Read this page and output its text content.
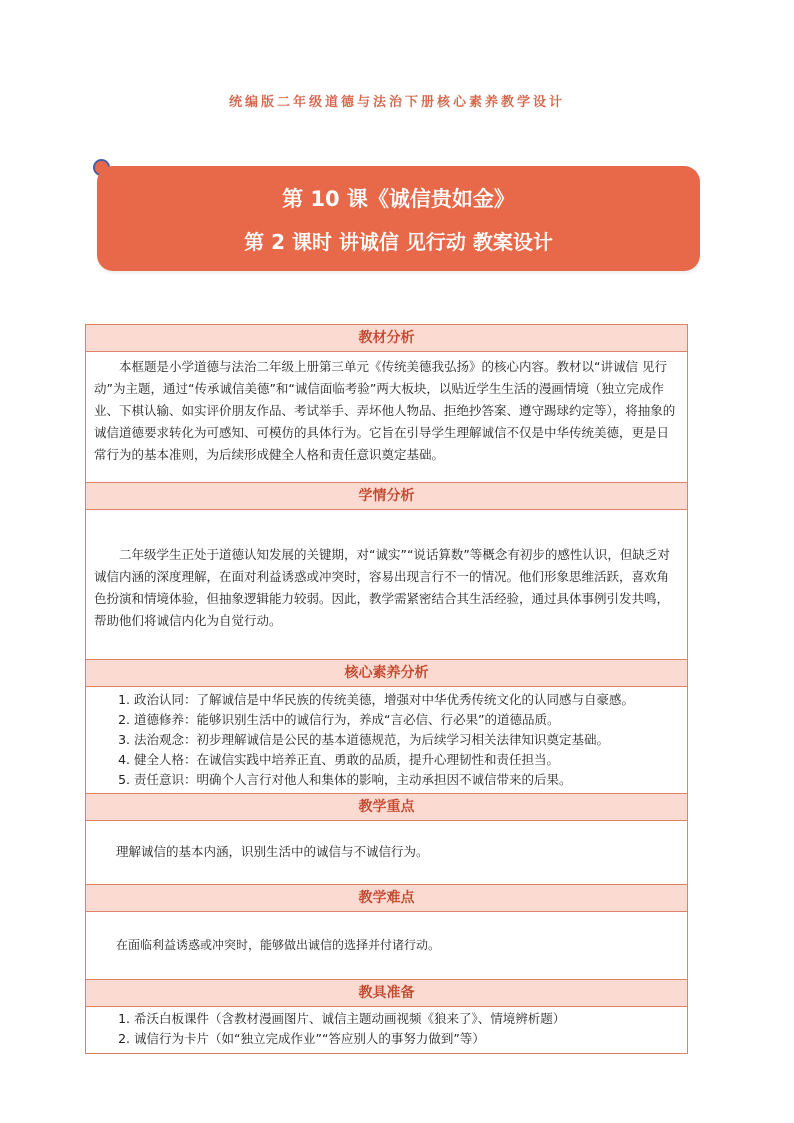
统编版二年级道德与法治下册核心素养教学设计
第 10 课《诚信贵如金》
第 2 课时 讲诚信 见行动 教案设计
教材分析

本框题是小学道德与法治二年级上册第三单元《传统美德我弘扬》的核心内容。教材以“讲诚信 见行动”为主题，通过“传承诚信美德”和“诚信面临考验”两大板块，以贴近学生生活的漫画情境（独立完成作业、下棋认输、如实评价朋友作品、考试举手、弄坏他人物品、拒绝抄答案、遵守踢球约定等），将抽象的诚信道德要求转化为可感知、可模仿的具体行为。它旨在引导学生理解诚信不仅是中华传统美德，更是日常行为的基本准则，为后续形成健全人格和责任意识奠定基础。

学情分析

二年级学生正处于道德认知发展的关键期，对“诚实”“说话算数”等概念有初步的感性认识，但缺乏对诚信内涵的深度理解，在面对利益诱惑或冲突时，容易出现言行不一的情况。他们形象思维活跃，喜欢角色扮演和情境体验，但抽象逻辑能力较弱。因此，教学需紧密结合其生活经验，通过具体事例引发共鸣，帮助他们将诚信内化为自觉行动。

核心素养分析
1. 政治认同：了解诚信是中华民族的传统美德，增强对中华优秀传统文化的认同感与自豪感。
2. 道德修养：能够识别生活中的诚信行为，养成“言必信、行必果”的道德品质。
3. 法治观念：初步理解诚信是公民的基本道德规范，为后续学习相关法律知识奠定基础。
4. 健全人格：在诚信实践中培养正直、勇敢的品质，提升心理韧性和责任担当。
5. 责任意识：明确个人言行对他人和集体的影响，主动承担因不诚信带来的后果。
教学重点
理解诚信的基本内涵，识别生活中的诚信与不诚信行为。
教学难点
在面临利益诱惑或冲突时，能够做出诚信的选择并付诸行动。
教具准备
1. 希沃白板课件（含教材漫画图片、诚信主题动画视频《狼来了》、情境辨析题）
2. 诚信行为卡片（如“独立完成作业”“答应别人的事努力做到”等）
